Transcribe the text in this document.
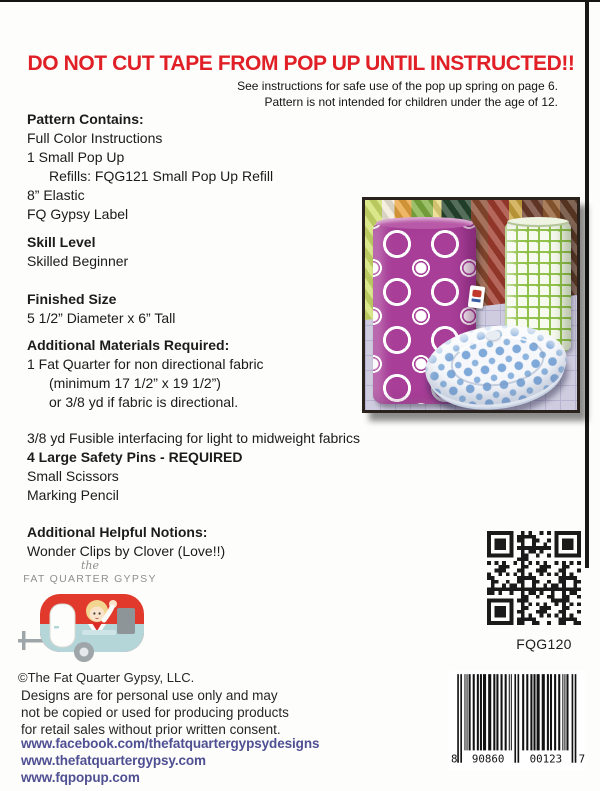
DO NOT CUT TAPE FROM POP UP UNTIL INSTRUCTED!!
See instructions for safe use of the pop up spring on page 6.
Pattern is not intended for children under the age of 12.
Pattern Contains:
Full Color Instructions
1 Small Pop Up
Refills: FQG121 Small Pop Up Refill
8” Elastic
FQ Gypsy Label
Skill Level
Skilled Beginner
Finished Size
5 1/2” Diameter x 6” Tall
Additional Materials Required:
1 Fat Quarter for non directional fabric
(minimum 17 1/2” x 19 1/2”)
or 3/8 yd if fabric is directional.
3/8 yd Fusible interfacing for light to midweight fabrics
4 Large Safety Pins - REQUIRED
Small Scissors
Marking Pencil
Additional Helpful Notions:
Wonder Clips by Clover (Love!!)
the
FAT QUARTER GYPSY
©The Fat Quarter Gypsy, LLC.
Designs are for personal use only and may
not be copied or used for producing products
for retail sales without prior written consent.
www.facebook.com/thefatquartergypsydesigns
www.thefatquartergypsy.com
www.fqpopup.com
FQG120
8 90860 00123 7
